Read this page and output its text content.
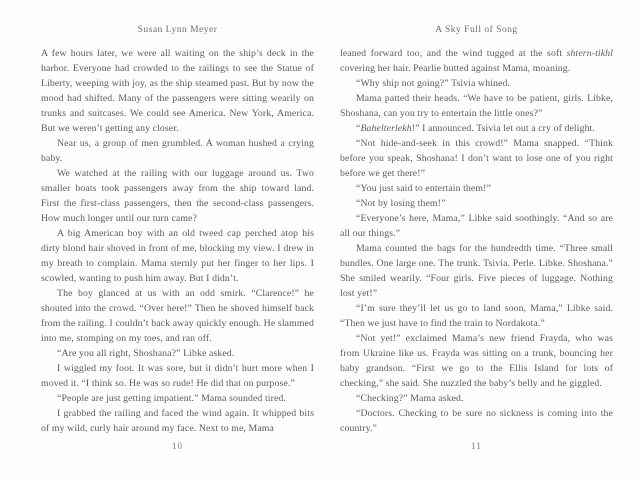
Susan Lynn Meyer

A few hours later, we were all waiting on the ship’s deck in the harbor. Everyone had crowded to the railings to see the Statue of Liberty, weeping with joy, as the ship steamed past. But by now the mood had shifted. Many of the passengers were sitting wearily on trunks and suitcases. We could see America. New York, America. But we weren’t getting any closer.

Near us, a group of men grumbled. A woman hushed a crying baby.

We watched at the railing with our luggage around us. Two smaller boats took passengers away from the ship toward land. First the first-class passengers, then the second-class passengers. How much longer until our turn came?

A big American boy with an old tweed cap perched atop his dirty blond hair shoved in front of me, blocking my view. I drew in my breath to complain. Mama sternly put her finger to her lips. I scowled, wanting to push him away. But I didn’t.

The boy glanced at us with an odd smirk. “Clarence!” he shouted into the crowd. “Over here!” Then he shoved himself back from the railing. I couldn’t back away quickly enough. He slammed into me, stomping on my toes, and ran off.

“Are you all right, Shoshana?” Libke asked.

I wiggled my foot. It was sore, but it didn’t hurt more when I moved it. “I think so. He was so rude! He did that on purpose.”

“People are just getting impatient.” Mama sounded tired.

I grabbed the railing and faced the wind again. It whipped bits of my wild, curly hair around my face. Next to me, Mama

10
A Sky Full of Song

leaned forward too, and the wind tugged at the soft shtern-tikhl covering her hair. Pearlie butted against Mama, moaning.

“Why ship not going?” Tsivia whined.

Mama patted their heads. “We have to be patient, girls. Libke, Shoshana, can you try to entertain the little ones?”

“Bahelterlekh!” I announced. Tsivia let out a cry of delight.

“Not hide-and-seek in this crowd!” Mama snapped. “Think before you speak, Shoshana! I don’t want to lose one of you right before we get there!”

“You just said to entertain them!”

“Not by losing them!”

“Everyone’s here, Mama,” Libke said soothingly. “And so are all our things.”

Mama counted the bags for the hundredth time. “Three small bundles. One large one. The trunk. Tsivia. Perle. Libke. Shoshana.” She smiled wearily. “Four girls. Five pieces of luggage. Nothing lost yet!”

“I’m sure they’ll let us go to land soon, Mama,” Libke said. “Then we just have to find the train to Nordakota.”

“Not yet!” exclaimed Mama’s new friend Frayda, who was from Ukraine like us. Frayda was sitting on a trunk, bouncing her baby grandson. “First we go to the Ellis Island for lots of checking,” she said. She nuzzled the baby’s belly and he giggled.

“Checking?” Mama asked.

“Doctors. Checking to be sure no sickness is coming into the country.”

11
